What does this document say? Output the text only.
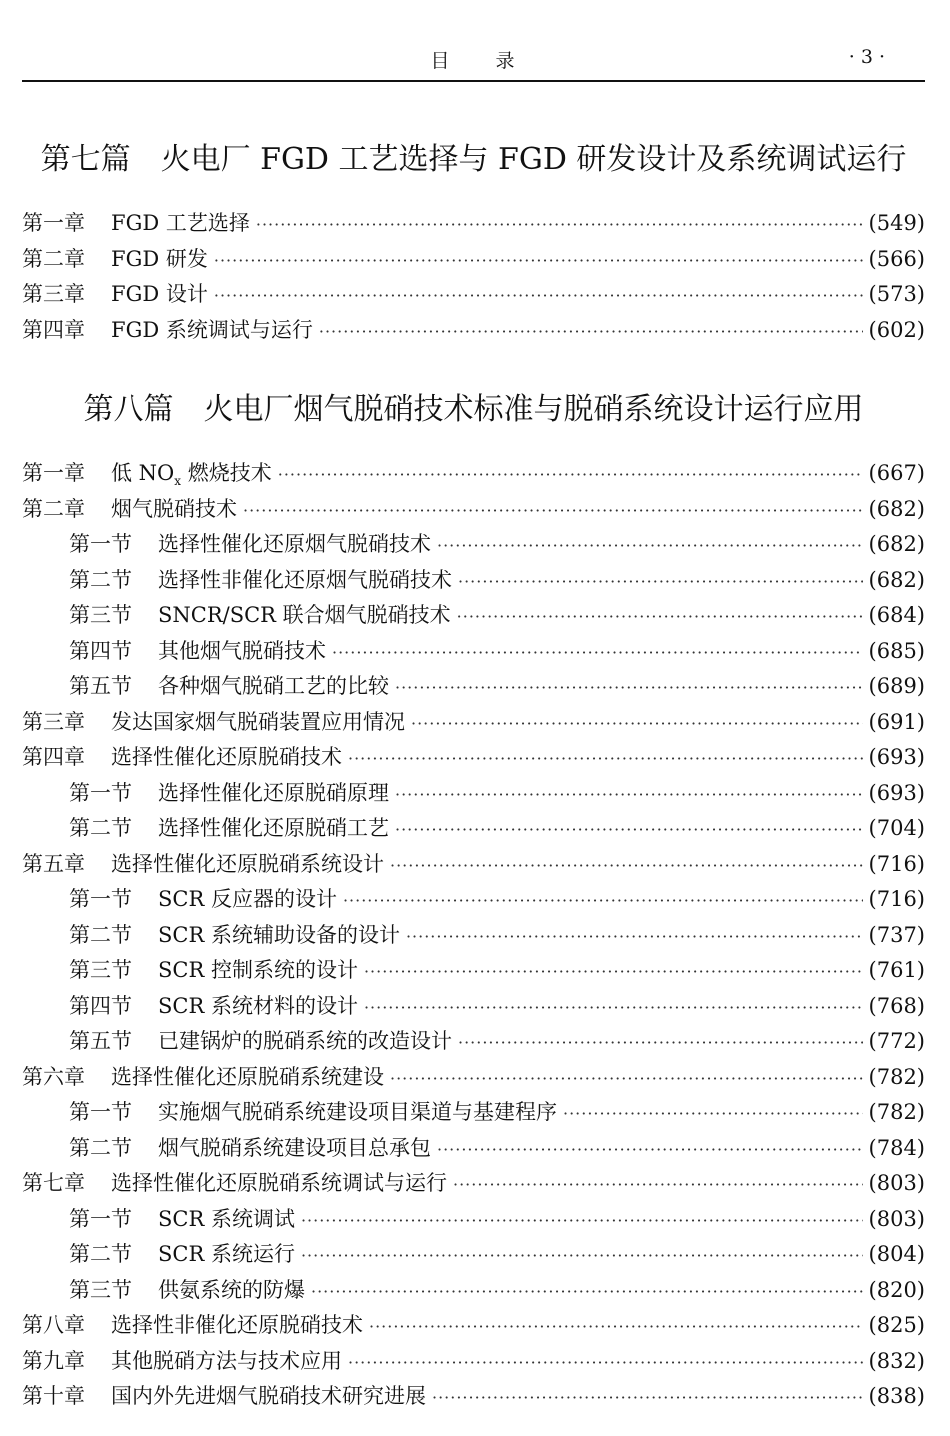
目 录	· 3 ·
第七篇　火电厂 FGD 工艺选择与 FGD 研发设计及系统调试运行
第一章 FGD 工艺选择 ·····	(549)
第二章 FGD 研发 ·····	(566)
第三章 FGD 设计 ·····	(573)
第四章 FGD 系统调试与运行 ·····	(602)
第八篇　火电厂烟气脱硝技术标准与脱硝系统设计运行应用
第一章 低 $NO_x$ 燃烧技术 ·····	(667)
第二章 烟气脱硝技术 ·····	(682)
第一节 选择性催化还原烟气脱硝技术 ·····	(682)
第二节 选择性非催化还原烟气脱硝技术 ·····	(682)
第三节 SNCR/SCR 联合烟气脱硝技术 ·····	(684)
第四节 其他烟气脱硝技术 ·····	(685)
第五节 各种烟气脱硝工艺的比较 ·····	(689)
第三章 发达国家烟气脱硝装置应用情况 ·····	(691)
第四章 选择性催化还原脱硝技术 ·····	(693)
第一节 选择性催化还原脱硝原理 ·····	(693)
第二节 选择性催化还原脱硝工艺 ·····	(704)
第五章 选择性催化还原脱硝系统设计 ·····	(716)
第一节 SCR 反应器的设计 ·····	(716)
第二节 SCR 系统辅助设备的设计 ·····	(737)
第三节 SCR 控制系统的设计 ·····	(761)
第四节 SCR 系统材料的设计 ·····	(768)
第五节 已建锅炉的脱硝系统的改造设计 ·····	(772)
第六章 选择性催化还原脱硝系统建设 ·····	(782)
第一节 实施烟气脱硝系统建设项目渠道与基建程序 ·····	(782)
第二节 烟气脱硝系统建设项目总承包 ·····	(784)
第七章 选择性催化还原脱硝系统调试与运行 ·····	(803)
第一节 SCR 系统调试 ·····	(803)
第二节 SCR 系统运行 ·····	(804)
第三节 供氨系统的防爆 ·····	(820)
第八章 选择性非催化还原脱硝技术 ·····	(825)
第九章 其他脱硝方法与技术应用 ·····	(832)
第十章 国内外先进烟气脱硝技术研究进展 ·····	(838)
